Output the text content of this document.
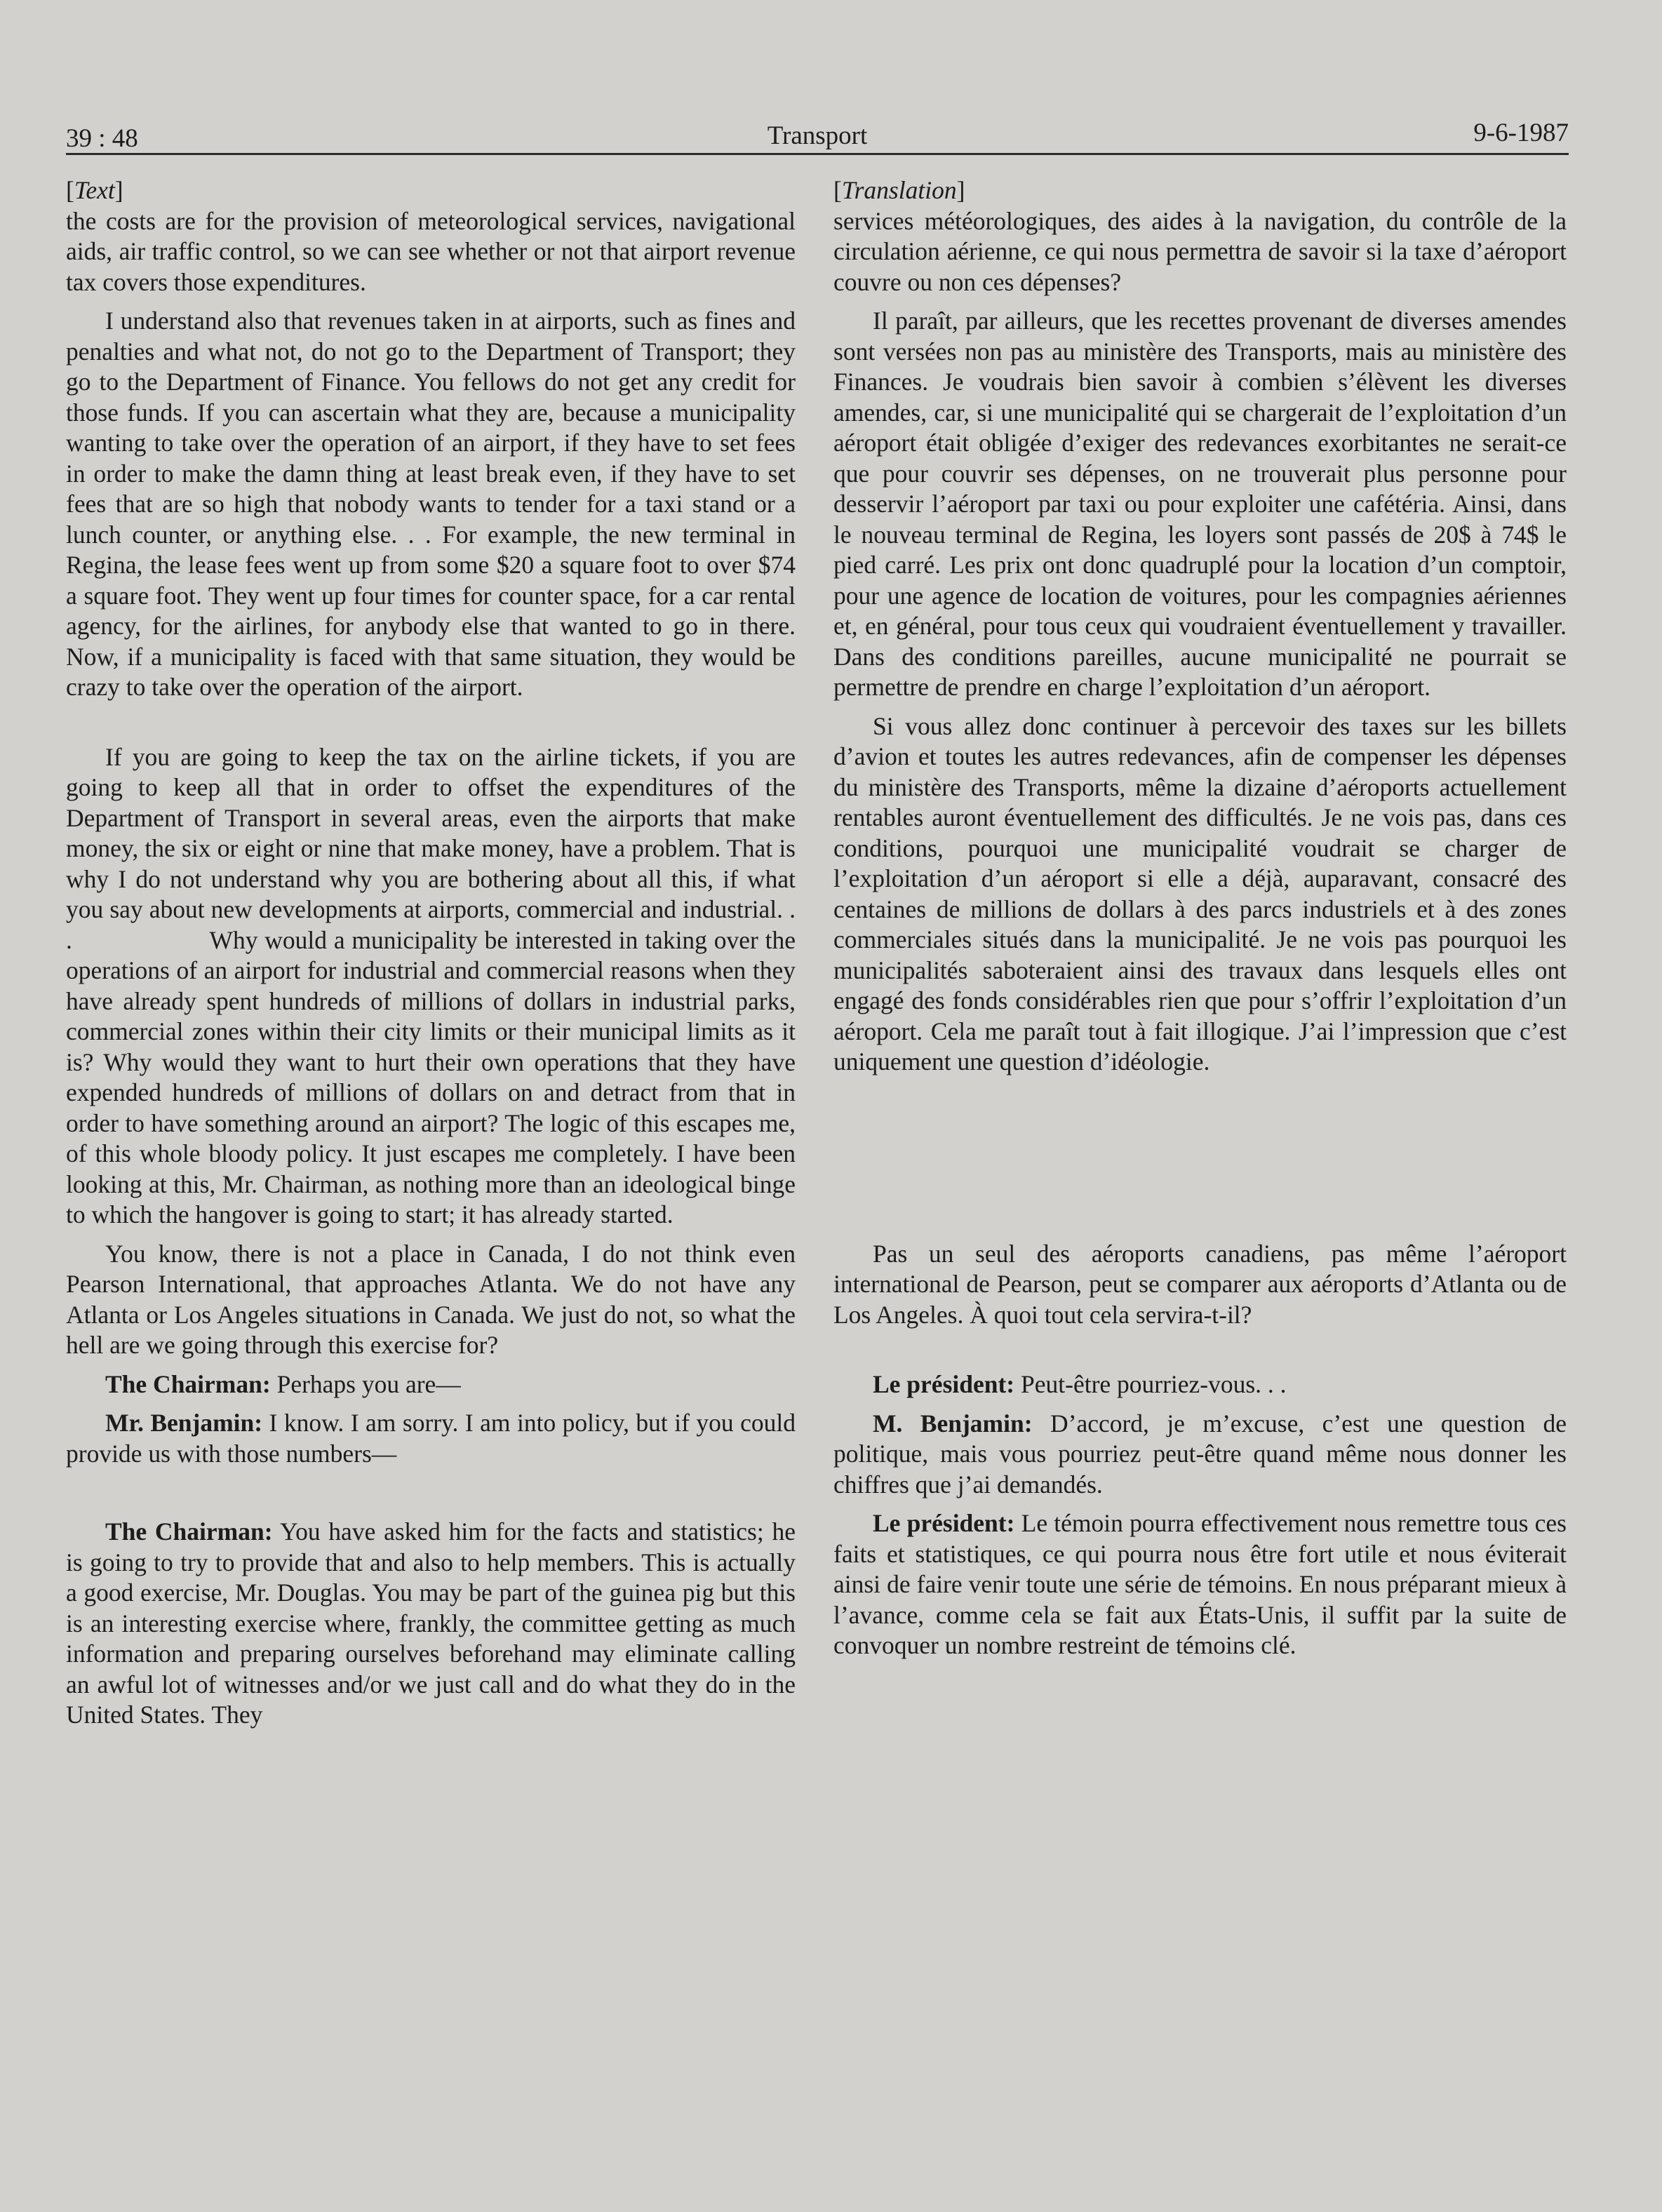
39 : 48	Transport	9-6-1987

[Text]

the costs are for the provision of meteorological services, navigational aids, air traffic control, so we can see whether or not that airport revenue tax covers those expenditures.

I understand also that revenues taken in at airports, such as fines and penalties and what not, do not go to the Department of Transport; they go to the Department of Finance. You fellows do not get any credit for those funds. If you can ascertain what they are, because a municipality wanting to take over the operation of an airport, if they have to set fees in order to make the damn thing at least break even, if they have to set fees that are so high that nobody wants to tender for a taxi stand or a lunch counter, or anything else. . . For example, the new terminal in Regina, the lease fees went up from some $20 a square foot to over $74 a square foot. They went up four times for counter space, for a car rental agency, for the airlines, for anybody else that wanted to go in there. Now, if a municipality is faced with that same situation, they would be crazy to take over the operation of the airport.

If you are going to keep the tax on the airline tickets, if you are going to keep all that in order to offset the expenditures of the Department of Transport in several areas, even the airports that make money, the six or eight or nine that make money, have a problem. That is why I do not understand why you are bothering about all this, if what you say about new developments at airports, commercial and industrial. . .                    Why would a municipality be interested in taking over the operations of an airport for industrial and commercial reasons when they have already spent hundreds of millions of dollars in industrial parks, commercial zones within their city limits or their municipal limits as it is? Why would they want to hurt their own operations that they have expended hundreds of millions of dollars on and detract from that in order to have something around an airport? The logic of this escapes me, of this whole bloody policy. It just escapes me completely. I have been looking at this, Mr. Chairman, as nothing more than an ideological binge to which the hangover is going to start; it has already started.

You know, there is not a place in Canada, I do not think even Pearson International, that approaches Atlanta. We do not have any Atlanta or Los Angeles situations in Canada. We just do not, so what the hell are we going through this exercise for?

The Chairman: Perhaps you are—

Mr. Benjamin: I know. I am sorry. I am into policy, but if you could provide us with those numbers—

The Chairman: You have asked him for the facts and statistics; he is going to try to provide that and also to help members. This is actually a good exercise, Mr. Douglas. You may be part of the guinea pig but this is an interesting exercise where, frankly, the committee getting as much information and preparing ourselves beforehand may eliminate calling an awful lot of witnesses and/or we just call and do what they do in the United States. They

[Translation]

services météorologiques, des aides à la navigation, du contrôle de la circulation aérienne, ce qui nous permettra de savoir si la taxe d’aéroport couvre ou non ces dépenses?

Il paraît, par ailleurs, que les recettes provenant de diverses amendes sont versées non pas au ministère des Transports, mais au ministère des Finances. Je voudrais bien savoir à combien s’élèvent les diverses amendes, car, si une municipalité qui se chargerait de l’exploitation d’un aéroport était obligée d’exiger des redevances exorbitantes ne serait-ce que pour couvrir ses dépenses, on ne trouverait plus personne pour desservir l’aéroport par taxi ou pour exploiter une cafétéria. Ainsi, dans le nouveau terminal de Regina, les loyers sont passés de 20$ à 74$ le pied carré. Les prix ont donc quadruplé pour la location d’un comptoir, pour une agence de location de voitures, pour les compagnies aériennes et, en général, pour tous ceux qui voudraient éventuellement y travailler. Dans des conditions pareilles, aucune municipalité ne pourrait se permettre de prendre en charge l’exploitation d’un aéroport.

Si vous allez donc continuer à percevoir des taxes sur les billets d’avion et toutes les autres redevances, afin de compenser les dépenses du ministère des Transports, même la dizaine d’aéroports actuellement rentables auront éventuellement des difficultés. Je ne vois pas, dans ces conditions, pourquoi une municipalité voudrait se charger de l’exploitation d’un aéroport si elle a déjà, auparavant, consacré des centaines de millions de dollars à des parcs industriels et à des zones commerciales situés dans la municipalité. Je ne vois pas pourquoi les municipalités saboteraient ainsi des travaux dans lesquels elles ont engagé des fonds considérables rien que pour s’offrir l’exploitation d’un aéroport. Cela me paraît tout à fait illogique. J’ai l’impression que c’est uniquement une question d’idéologie.

Pas un seul des aéroports canadiens, pas même l’aéroport international de Pearson, peut se comparer aux aéroports d’Atlanta ou de Los Angeles. À quoi tout cela servira-t-il?

Le président: Peut-être pourriez-vous. . .

M. Benjamin: D’accord, je m’excuse, c’est une question de politique, mais vous pourriez peut-être quand même nous donner les chiffres que j’ai demandés.

Le président: Le témoin pourra effectivement nous remettre tous ces faits et statistiques, ce qui pourra nous être fort utile et nous éviterait ainsi de faire venir toute une série de témoins. En nous préparant mieux à l’avance, comme cela se fait aux États-Unis, il suffit par la suite de convoquer un nombre restreint de témoins clé.
